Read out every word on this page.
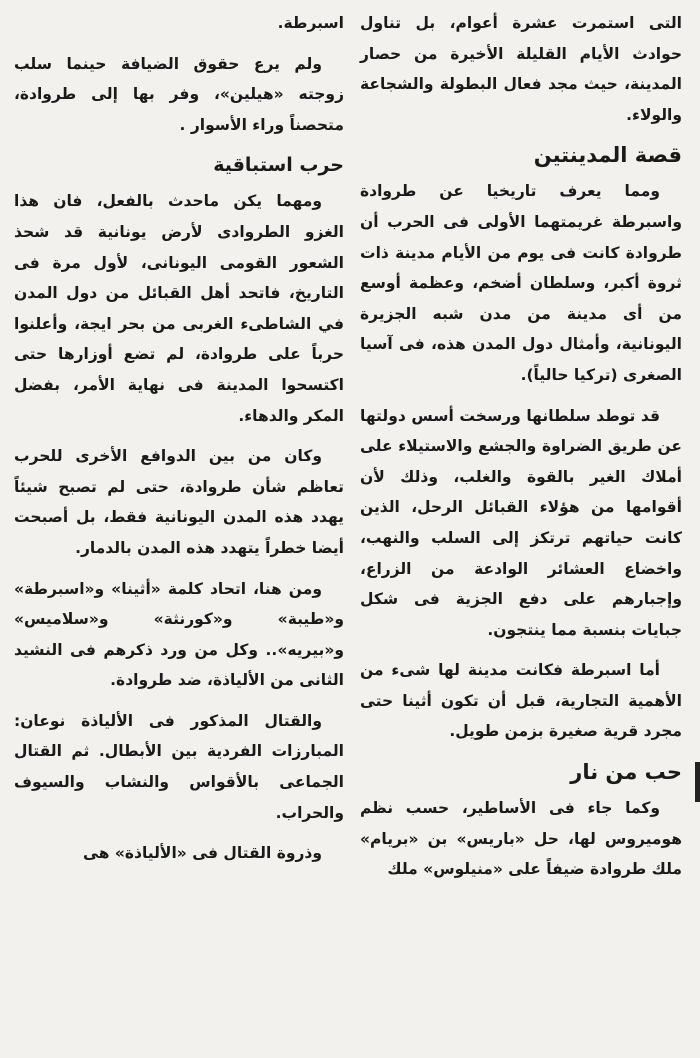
التى استمرت عشرة أعوام، بل تناول حوادث الأيام القليلة الأخيرة من حصار المدينة، حيث مجد فعال البطولة والشجاعة والولاء.

قصة المدينتين

ومما يعرف تاريخيا عن طروادة واسبرطة غريمتهما الأولى فى الحرب أن طروادة كانت فى يوم من الأيام مدينة ذات ثروة أكبر، وسلطان أضخم، وعظمة أوسع من أى مدينة من مدن شبه الجزيرة اليونانية، وأمثال دول المدن هذه، فى آسيا الصغرى (تركيا حالياً).

قد توطد سلطانها ورسخت أسس دولتها عن طريق الضراوة والجشع والاستيلاء على أملاك الغير بالقوة والغلب، وذلك لأن أقوامها من هؤلاء القبائل الرحل، الذين كانت حياتهم ترتكز إلى السلب والنهب، واخضاع العشائر الوادعة من الزراع، وإجبارهم على دفع الجزية فى شكل جبايات بنسبة مما ينتجون.

أما اسبرطة فكانت مدينة لها شىء من الأهمية التجارية، قبل أن تكون أثينا حتى مجرد قرية صغيرة بزمن طويل.

حب من نار

وكما جاء فى الأساطير، حسب نظم هوميروس لها، حل «باريس» بن «بريام» ملك طروادة ضيفاً على «منيلوس» ملك

اسبرطة.

ولم يرع حقوق الضيافة حينما سلب زوجته «هيلين»، وفر بها إلى طروادة، متحصناً وراء الأسوار .

حرب استباقية

ومهما يكن ماحدث بالفعل، فان هذا الغزو الطروادى لأرض يونانية قد شحذ الشعور القومى اليونانى، لأول مرة فى التاريخ، فاتحد أهل القبائل من دول المدن في الشاطىء الغربى من بحر ايجة، وأعلنوا حرباً على طروادة، لم تضع أوزارها حتى اكتسحوا المدينة فى نهاية الأمر، بفضل المكر والدهاء.

وكان من بين الدوافع الأخرى للحرب تعاظم شأن طروادة، حتى لم تصبح شيئاً يهدد هذه المدن اليونانية فقط، بل أصبحت أيضا خطراً يتهدد هذه المدن بالدمار.

ومن هنا، اتحاد كلمة «أثينا» و«اسبرطة» و«طيبة» و«كورنثة» و«سلاميس» و«بيريه».. وكل من ورد ذكرهم فى النشيد الثانى من الألياذة، ضد طروادة.

والقتال المذكور فى الألياذة نوعان: المبارزات الفردية بين الأبطال. ثم القتال الجماعى بالأقواس والنشاب والسيوف والحراب.

وذروة القتال فى «الألياذة» هى
